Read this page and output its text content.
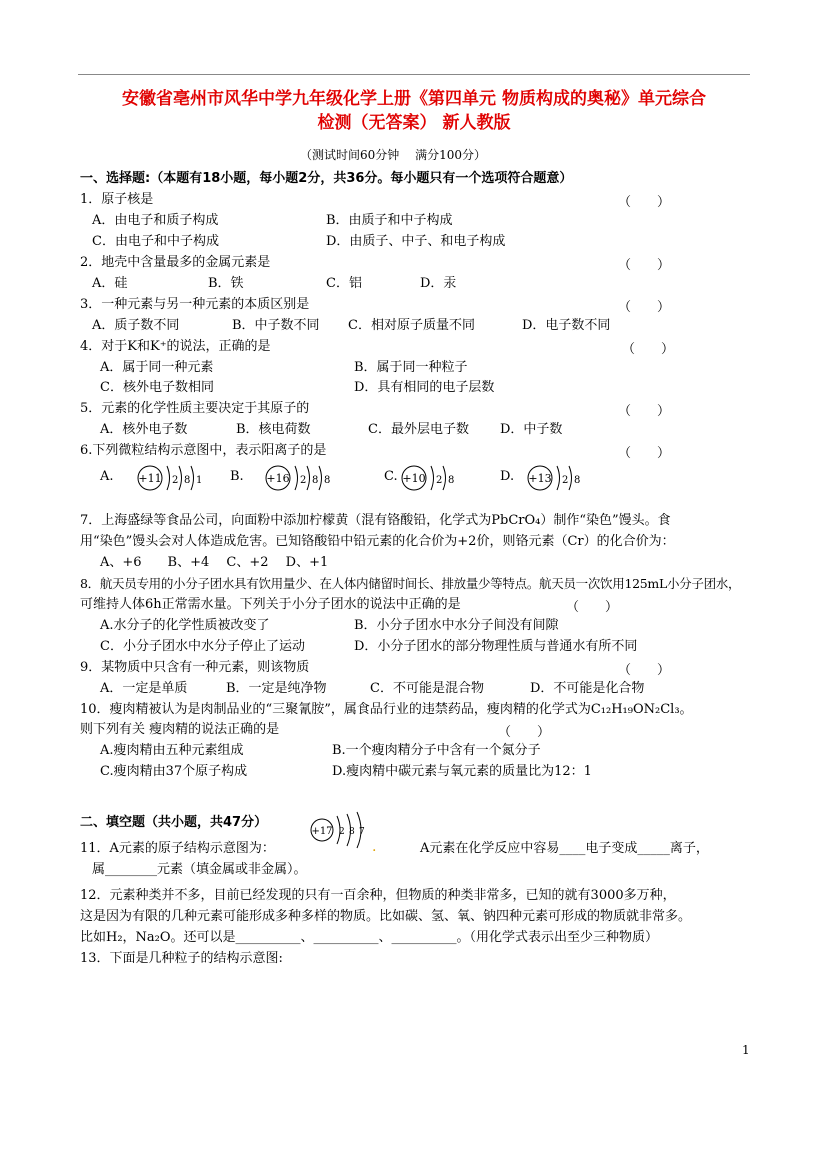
安徽省亳州市风华中学九年级化学上册《第四单元 物质构成的奥秘》单元综合
检测（无答案） 新人教版
（测试时间60分钟　 满分100分）
一、选择题:（本题有18小题，每小题2分，共36分。每小题只有一个选项符合题意）
1．原子核是	（　　）
A．由电子和质子构成	B．由质子和中子构成
C．由电子和中子构成	D．由质子、中子、和电子构成
2．地壳中含量最多的金属元素是	（　　）
A．硅	B．铁	C．铝	D．汞
3．一种元素与另一种元素的本质区别是	（　　）
A．质子数不同	B．中子数不同 C．相对原子质量不同	D．电子数不同
4．对于K和K⁺的说法，正确的是	（　　）
A．属于同一种元素	B．属于同一种粒子
C．核外电子数相同	D．具有相同的电子层数
5．元素的化学性质主要决定于其原子的	（　　）
A．核外电子数	B．核电荷数	C．最外层电子数 D．中子数
6.下列微粒结构示意图中，表示阳离子的是	（　　）
A. +11 2 8 1 B. +16 2 8 8	C. +10 2 8	D. +13 2 8
7．上海盛绿等食品公司，向面粉中添加柠檬黄（混有铬酸铅，化学式为PbCrO₄）制作“染色”馒头。食
用“染色”馒头会对人体造成危害。已知铬酸铅中铅元素的化合价为+2价，则铬元素（Cr）的化合价为：
A、+6　　B、+4　 C、+2　 D、+1
8．航天员专用的小分子团水具有饮用量少、在人体内储留时间长、排放量少等特点。航天员一次饮用125mL小分子团水，
可维持人体6h正常需水量。下列关于小分子团水的说法中正确的是	（　　）
A.水分子的化学性质被改变了	B．小分子团水中水分子间没有间隙
C．小分子团水中水分子停止了运动	D．小分子团水的部分物理性质与普通水有所不同
9．某物质中只含有一种元素，则该物质	（　　）
A．一定是单质	B．一定是纯净物	C．不可能是混合物	D．不可能是化合物
10．瘦肉精被认为是肉制品业的“三聚氰胺”，属食品行业的违禁药品，瘦肉精的化学式为C₁₂H₁₉ON₂Cl₃。
则下列有关 瘦肉精的说法正确的是	（　　）
A.瘦肉精由五种元素组成	B.一个瘦肉精分子中含有一个氮分子
C.瘦肉精由37个原子构成	D.瘦肉精中碳元素与氧元素的质量比为12：1
二、填空题（共小题，共47分）
11．A元素的原子结构示意图为：
+17 2 8 7
.	A元素在化学反应中容易____电子变成_____离子，
属________元素（填金属或非金属）。
12．元素种类并不多，目前已经发现的只有一百余种，但物质的种类非常多，已知的就有3000多万种，
这是因为有限的几种元素可能形成多种多样的物质。比如碳、氢、氧、钠四种元素可形成的物质就非常多。
比如H₂，Na₂O。还可以是__________、__________、__________。（用化学式表示出至少三种物质）
13．下面是几种粒子的结构示意图:
1
